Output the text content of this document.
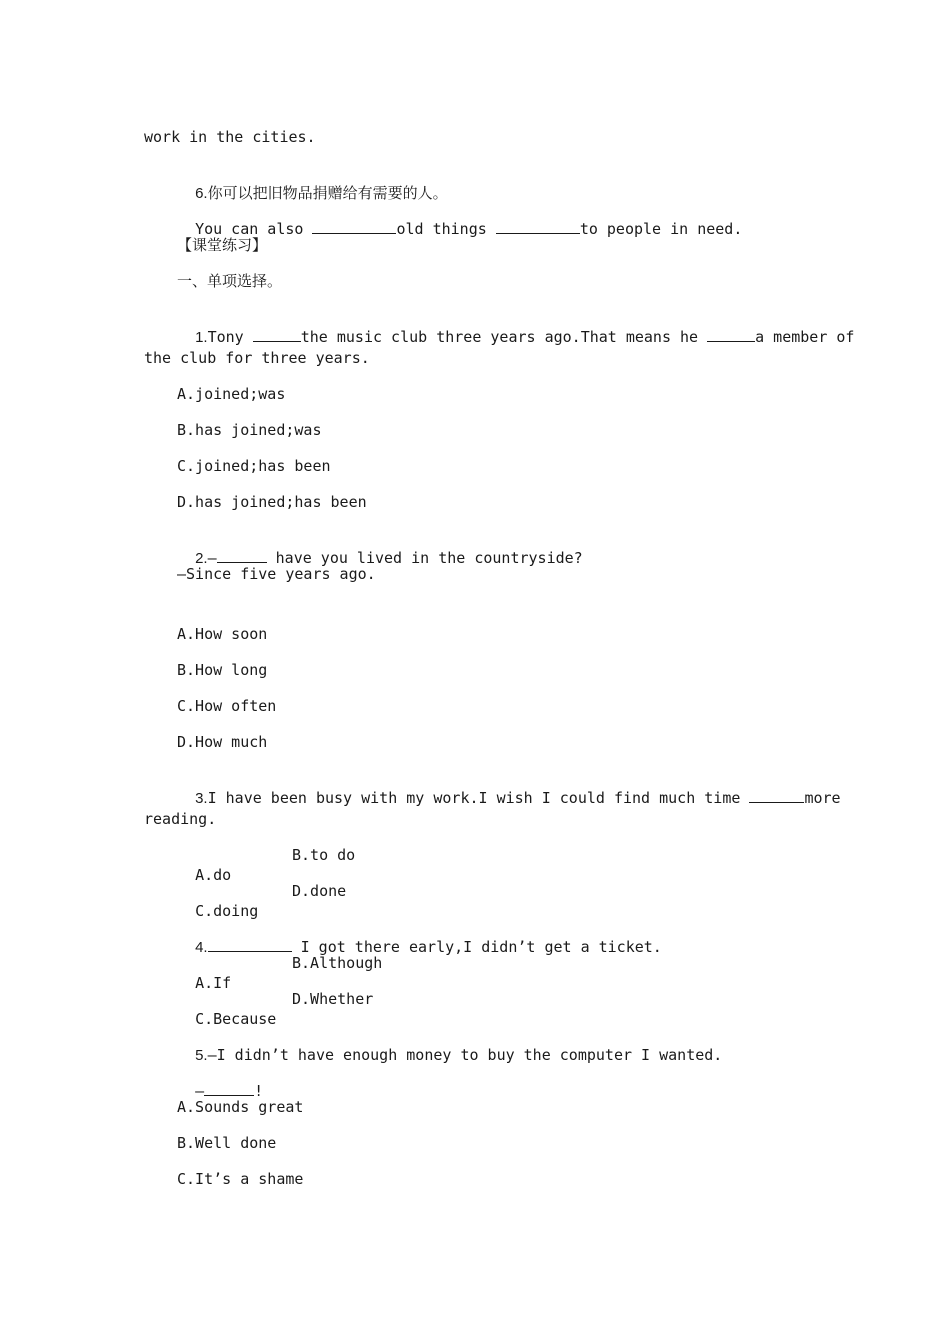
work in the cities.

6.你可以把旧物品捐赠给有需要的人。

You can also	old things	to people in need.

【课堂练习】
一、单项选择。

1.Tony	the music club three years ago.That means he	a member of

the club for three years.
A.joined;was
B.has joined;was
C.joined;has been
D.has joined;has been

2.—	have you lived in the countryside?

—Since five years ago.
A.How soon
B.How long
C.How often
D.How much

3.I have been busy with my work.I wish I could find much time	more

reading.

A.do
B.to do

C.doing
D.done

4.	I got there early,I didn’t get a ticket.

A.If
B.Although

C.Because
D.Whether

5.—I didn’t have enough money to buy the computer I wanted.

—	!

A.Sounds great
B.Well done
C.It’s a shame
